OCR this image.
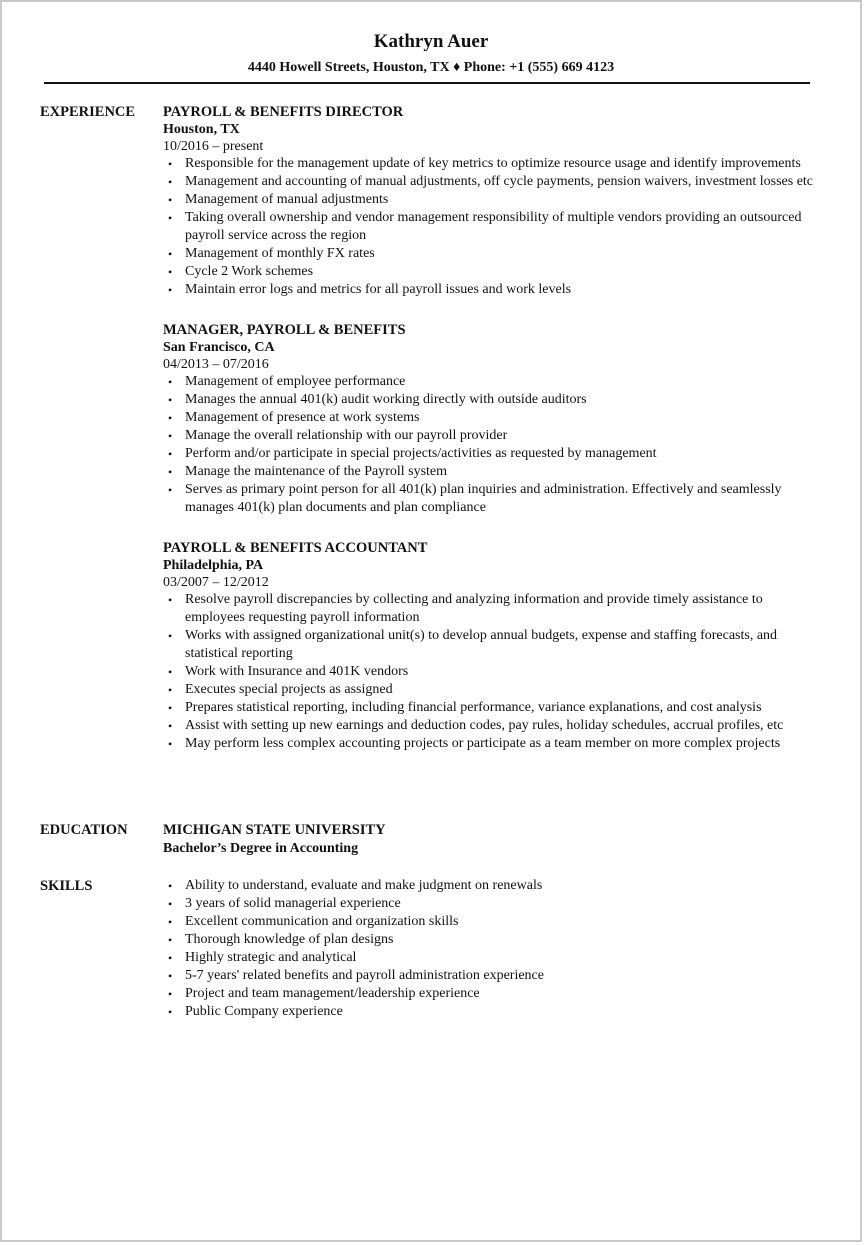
Kathryn Auer
4440 Howell Streets, Houston, TX ♦ Phone: +1 (555) 669 4123
EXPERIENCE PAYROLL & BENEFITS DIRECTOR
Houston, TX
10/2016 – present
• Responsible for the management update of key metrics to optimize resource usage and identify improvements
• Management and accounting of manual adjustments, off cycle payments, pension waivers, investment losses etc
• Management of manual adjustments
• Taking overall ownership and vendor management responsibility of multiple vendors providing an outsourced payroll service across the region
• Management of monthly FX rates
• Cycle 2 Work schemes
• Maintain error logs and metrics for all payroll issues and work levels
MANAGER, PAYROLL & BENEFITS
San Francisco, CA
04/2013 – 07/2016
• Management of employee performance
• Manages the annual 401(k) audit working directly with outside auditors
• Management of presence at work systems
• Manage the overall relationship with our payroll provider
• Perform and/or participate in special projects/activities as requested by management
• Manage the maintenance of the Payroll system
• Serves as primary point person for all 401(k) plan inquiries and administration. Effectively and seamlessly manages 401(k) plan documents and plan compliance
PAYROLL & BENEFITS ACCOUNTANT
Philadelphia, PA
03/2007 – 12/2012
• Resolve payroll discrepancies by collecting and analyzing information and provide timely assistance to employees requesting payroll information
• Works with assigned organizational unit(s) to develop annual budgets, expense and staffing forecasts, and statistical reporting
• Work with Insurance and 401K vendors
• Executes special projects as assigned
• Prepares statistical reporting, including financial performance, variance explanations, and cost analysis
• Assist with setting up new earnings and deduction codes, pay rules, holiday schedules, accrual profiles, etc
• May perform less complex accounting projects or participate as a team member on more complex projects
EDUCATION MICHIGAN STATE UNIVERSITY
Bachelor’s Degree in Accounting
SKILLS	• Ability to understand, evaluate and make judgment on renewals
• 3 years of solid managerial experience
• Excellent communication and organization skills
• Thorough knowledge of plan designs
• Highly strategic and analytical
• 5-7 years' related benefits and payroll administration experience
• Project and team management/leadership experience
• Public Company experience
